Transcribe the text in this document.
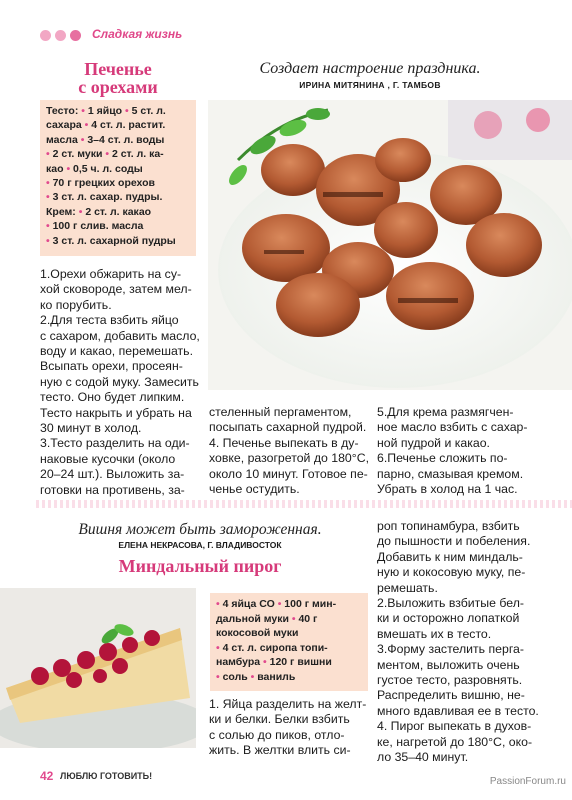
Сладкая жизнь
Печенье
с орехами
Создает настроение праздника.
ИРИНА МИТЯНИНА , Г. ТАМБОВ
Тесто: • 1 яйцо • 5 ст. л.
сахара • 4 ст. л. растит.
масла • 3–4 ст. л. воды
• 2 ст. муки • 2 ст. л. ка-
као • 0,5 ч. л. соды
• 70 г грецких орехов
• 3 ст. л. сахар. пудры.
Крем: • 2 ст. л. какао
• 100 г слив. масла
• 3 ст. л. сахарной пудры
1.Орехи обжарить на су-
хой сковороде, затем мел-
ко порубить.
2.Для теста взбить яйцо
с сахаром, добавить масло,
воду и какао, перемешать.
Всыпать орехи, просеян-
ную с содой муку. Замесить
тесто. Оно будет липким.
Тесто накрыть и убрать на
30 минут в холод.
3.Тесто разделить на оди-
наковые кусочки (около
20–24 шт.). Выложить за-
готовки на противень, за-
стеленный пергаментом,
посыпать сахарной пудрой.
4. Печенье выпекать в ду-
ховке, разогретой до 180°C,
около 10 минут. Готовое пе-
ченье остудить.
5.Для крема размягчен-
ное масло взбить с сахар-
ной пудрой и какао.
6.Печенье сложить по-
парно, смазывая кремом.
Убрать в холод на 1 час.
Вишня может быть замороженная.
ЕЛЕНА НЕКРАСОВА, Г. ВЛАДИВОСТОК
Миндальный пирог
• 4 яйца СО • 100 г мин-
дальной муки • 40 г
кокосовой муки
• 4 ст. л. сиропа топи-
намбура • 120 г вишни
• соль • ваниль
1. Яйца разделить на желт-
ки и белки. Белки взбить
с солью до пиков, отло-
жить. В желтки влить си-
роп топинамбура, взбить
до пышности и побеления.
Добавить к ним миндаль-
ную и кокосовую муку, пе-
ремешать.
2.Выложить взбитые бел-
ки и осторожно лопаткой
вмешать их в тесто.
3.Форму застелить перга-
ментом, выложить очень
густое тесто, разровнять.
Распределить вишню, не-
много вдавливая ее в тесто.
4. Пирог выпекать в духов-
ке, нагретой до 180°C, око-
ло 35–40 минут.
42 ЛЮБЛЮ ГОТОВИТЬ!	PassionForum.ru
